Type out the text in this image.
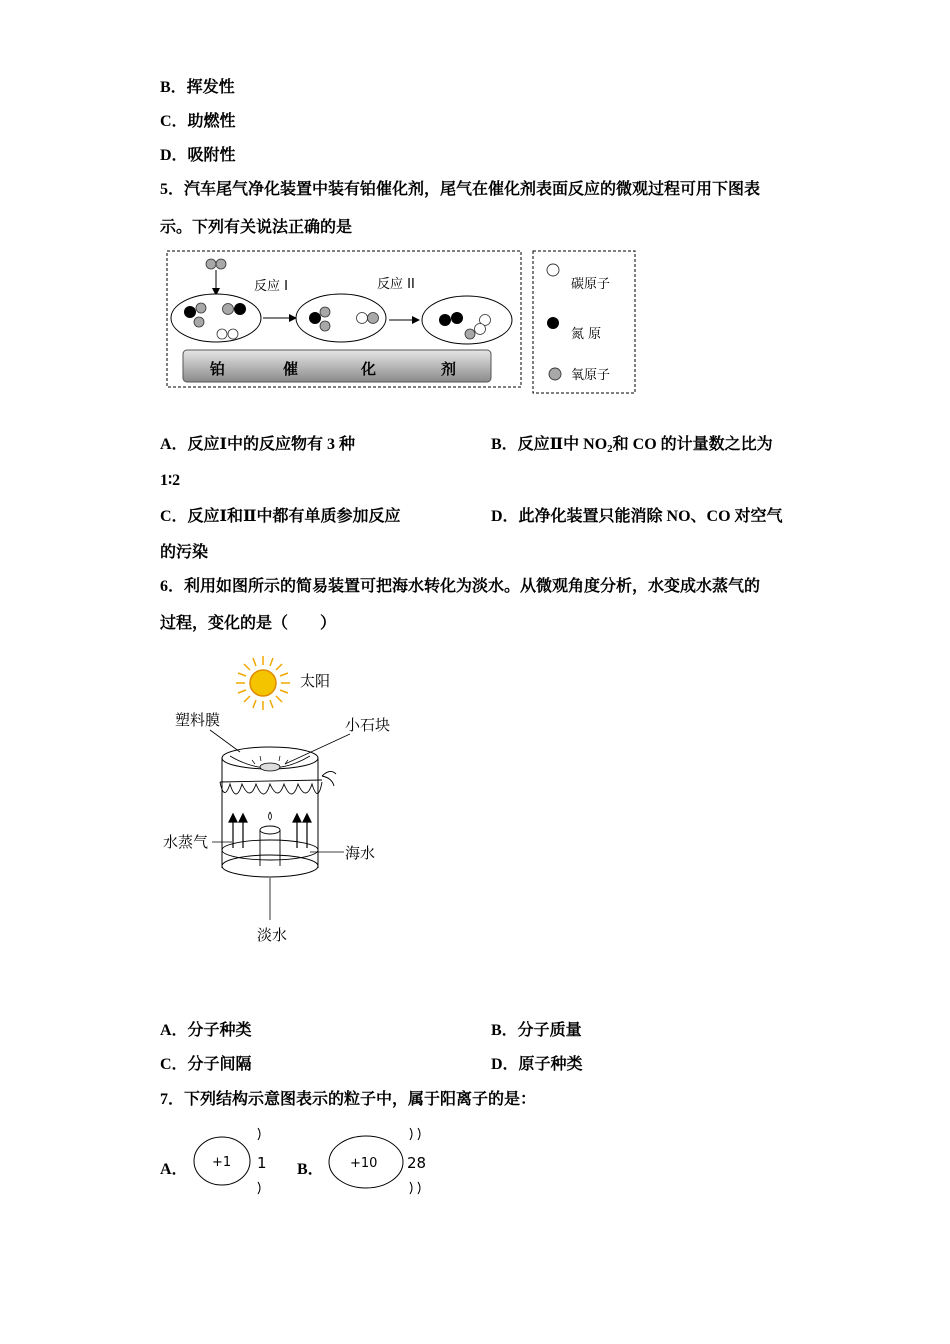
B．挥发性
C．助燃性
D．吸附性
5．汽车尾气净化装置中装有铂催化剂，尾气在催化剂表面反应的微观过程可用下图表
示。下列有关说法正确的是
反应 I	反应 II
铂	催	化	剂
碳原子
氮 原
氧原子
A．反应Ⅰ中的反应物有 3 种	B．反应Ⅱ中 $NO_2$和 CO 的计量数之比为
1∶2
C．反应Ⅰ和Ⅱ中都有单质参加反应	D．此净化装置只能消除 NO、CO 对空气
的污染
6．利用如图所示的简易装置可把海水转化为淡水。从微观角度分析，水变成水蒸气的
过程，变化的是（　　）
太阳
塑料膜	小石块
水蒸气
海水
淡水
A．分子种类	B．分子质量
C．分子间隔	D．原子种类
7．下列结构示意图表示的粒子中，属于阳离子的是：
A． +1 1 B． +10 28
